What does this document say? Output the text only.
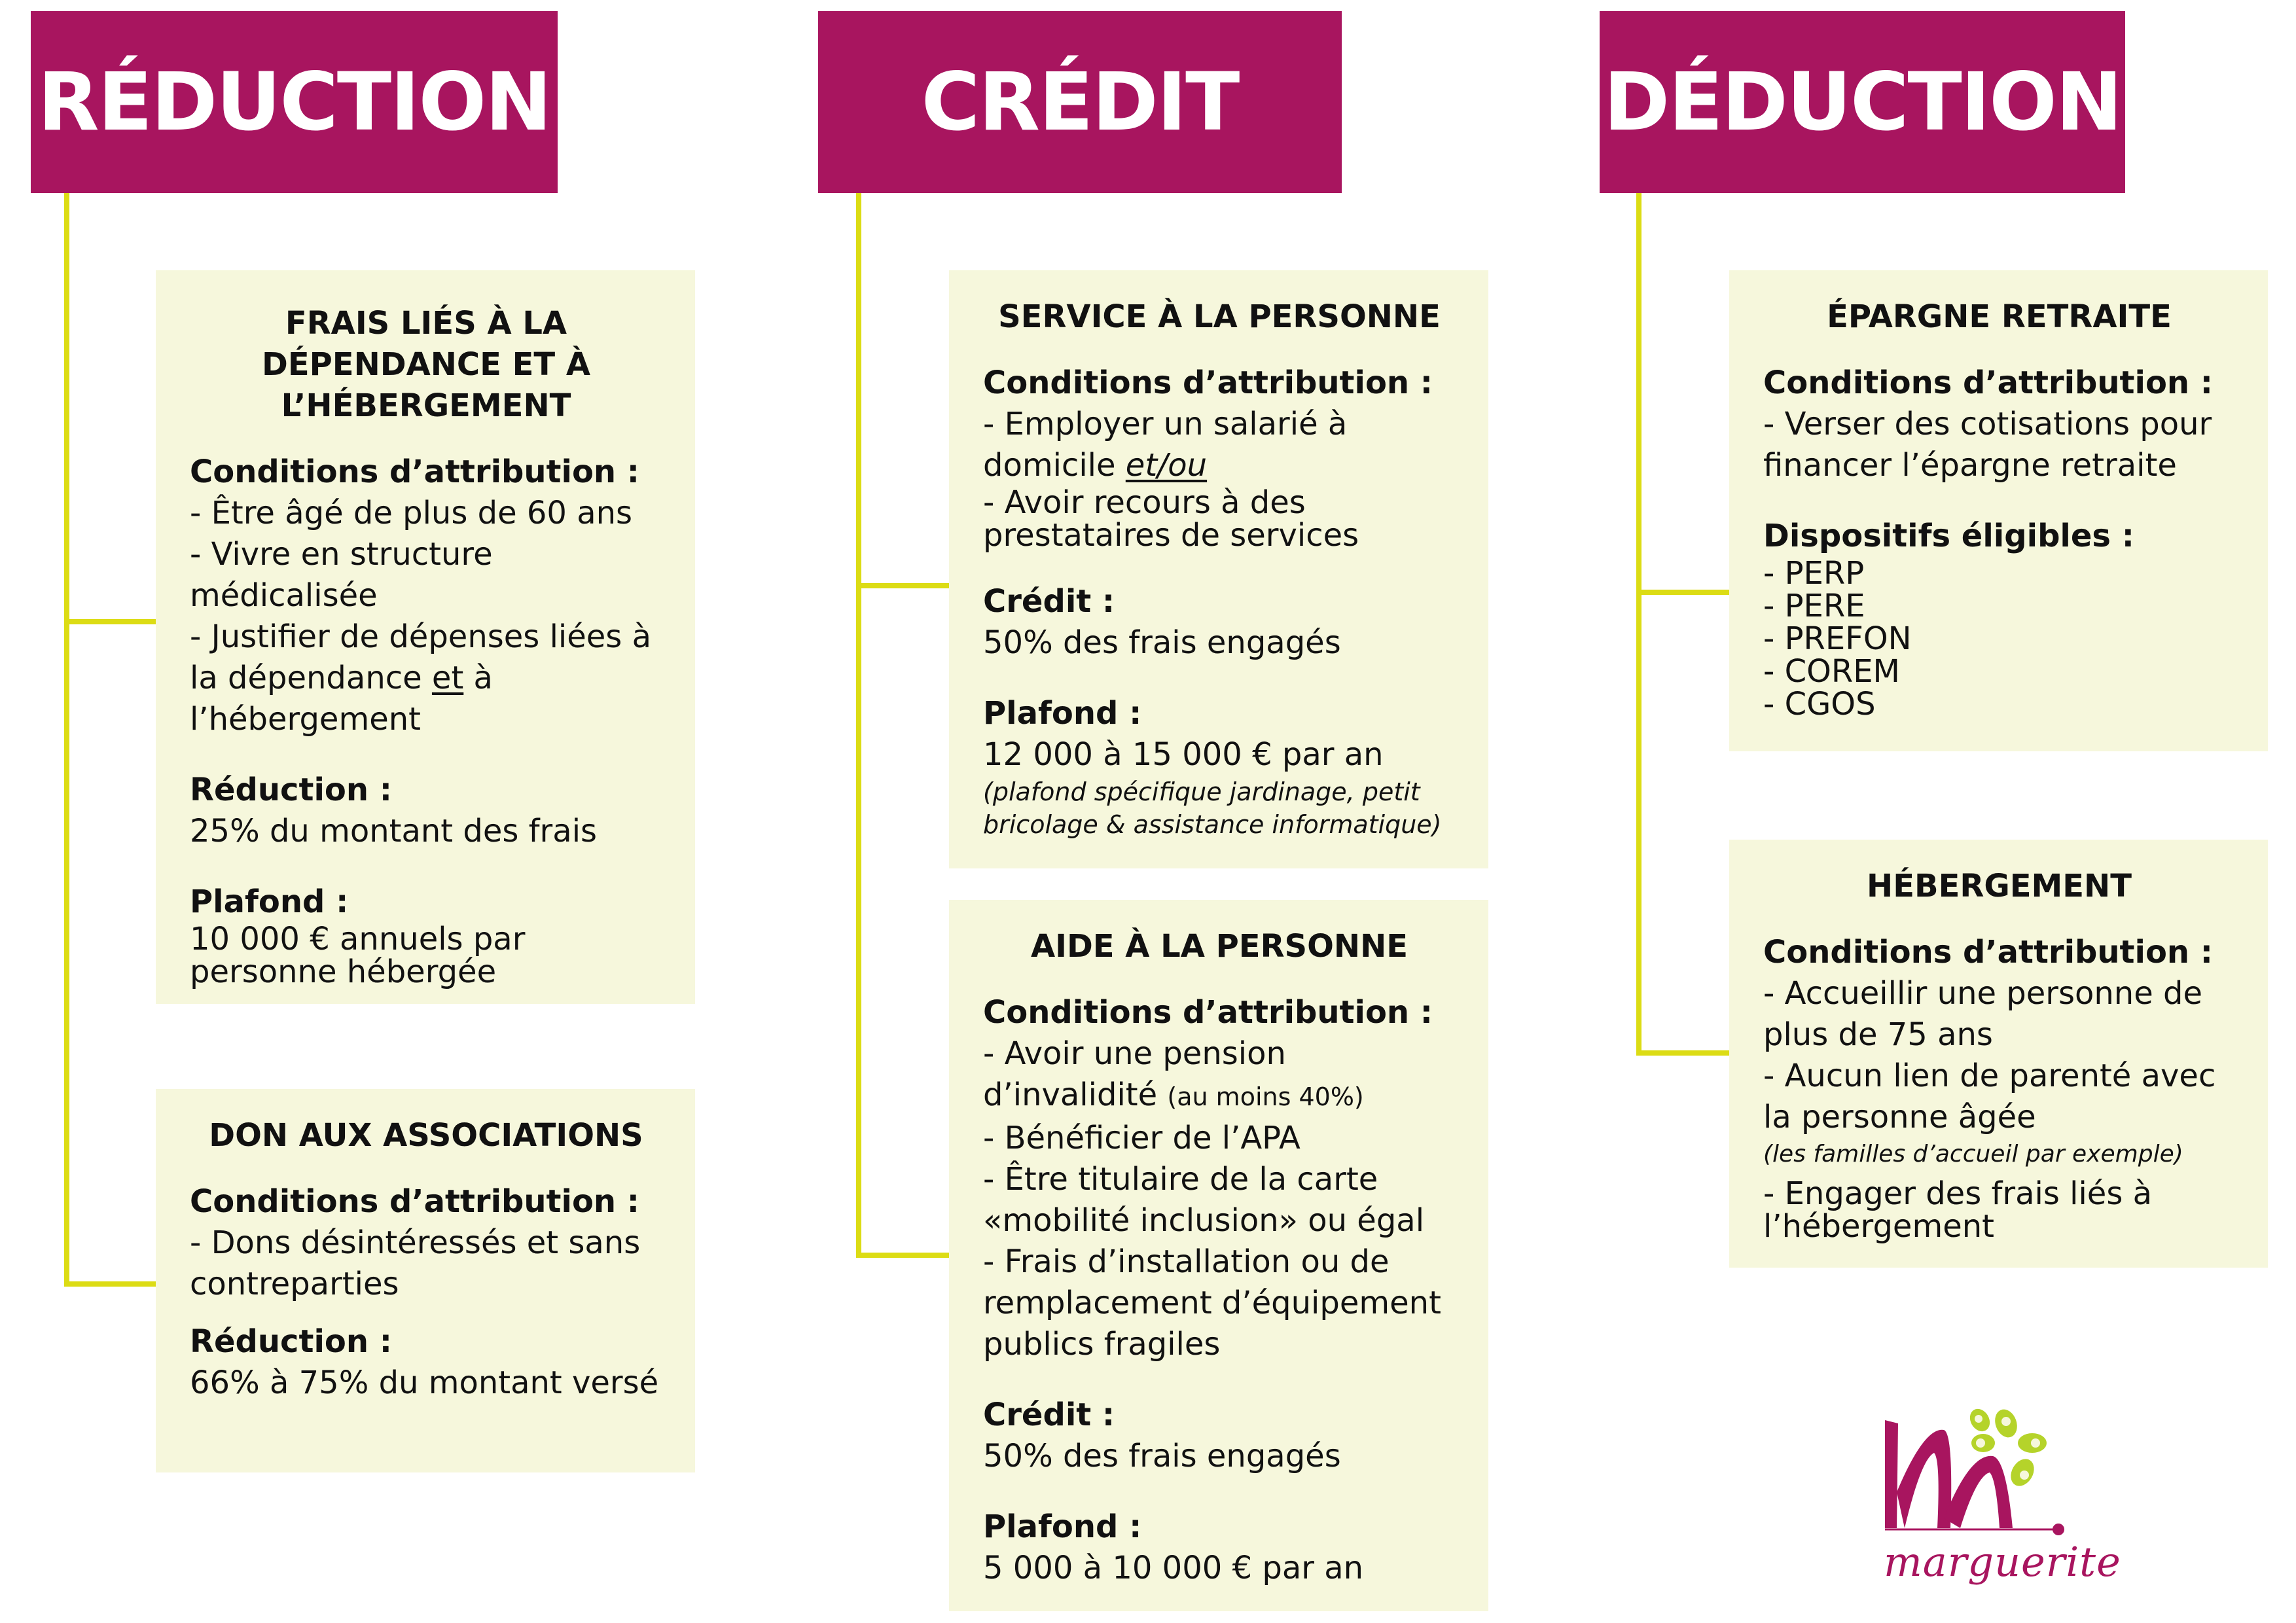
RÉDUCTION	CRÉDIT	DÉDUCTION
FRAIS LIÉS À LA DÉPENDANCE ET À L’HÉBERGEMENT
Conditions d’attribution :
- Être âgé de plus de 60 ans
- Vivre en structure médicalisée
- Justifier de dépenses liées à la dépendance et à l’hébergement
Réduction :
25% du montant des frais
Plafond :
10 000 € annuels par personne hébergée
DON AUX ASSOCIATIONS
Conditions d’attribution :
- Dons désintéressés et sans contreparties
Réduction :
66% à 75% du montant versé
SERVICE À LA PERSONNE
Conditions d’attribution :
- Employer un salarié à domicile et/ou
- Avoir recours à des prestataires de services
Crédit :
50% des frais engagés
Plafond :
12 000 à 15 000 € par an
(plafond spécifique jardinage, petit bricolage & assistance informatique)
AIDE À LA PERSONNE
Conditions d’attribution :
- Avoir une pension d’invalidité (au moins 40%)
- Bénéficier de l’APA
- Être titulaire de la carte «mobilité inclusion» ou égal
- Frais d’installation ou de remplacement d’équipement publics fragiles
Crédit :
50% des frais engagés
Plafond :
5 000 à 10 000 € par an
ÉPARGNE RETRAITE
Conditions d’attribution :
- Verser des cotisations pour financer l’épargne retraite
Dispositifs éligibles :
- PERP
- PERE
- PREFON
- COREM
- CGOS
HÉBERGEMENT
Conditions d’attribution :
- Accueillir une personne de plus de 75 ans
- Aucun lien de parenté avec la personne âgée
(les familles d’accueil par exemple)
- Engager des frais liés à l’hébergement
marguerite
